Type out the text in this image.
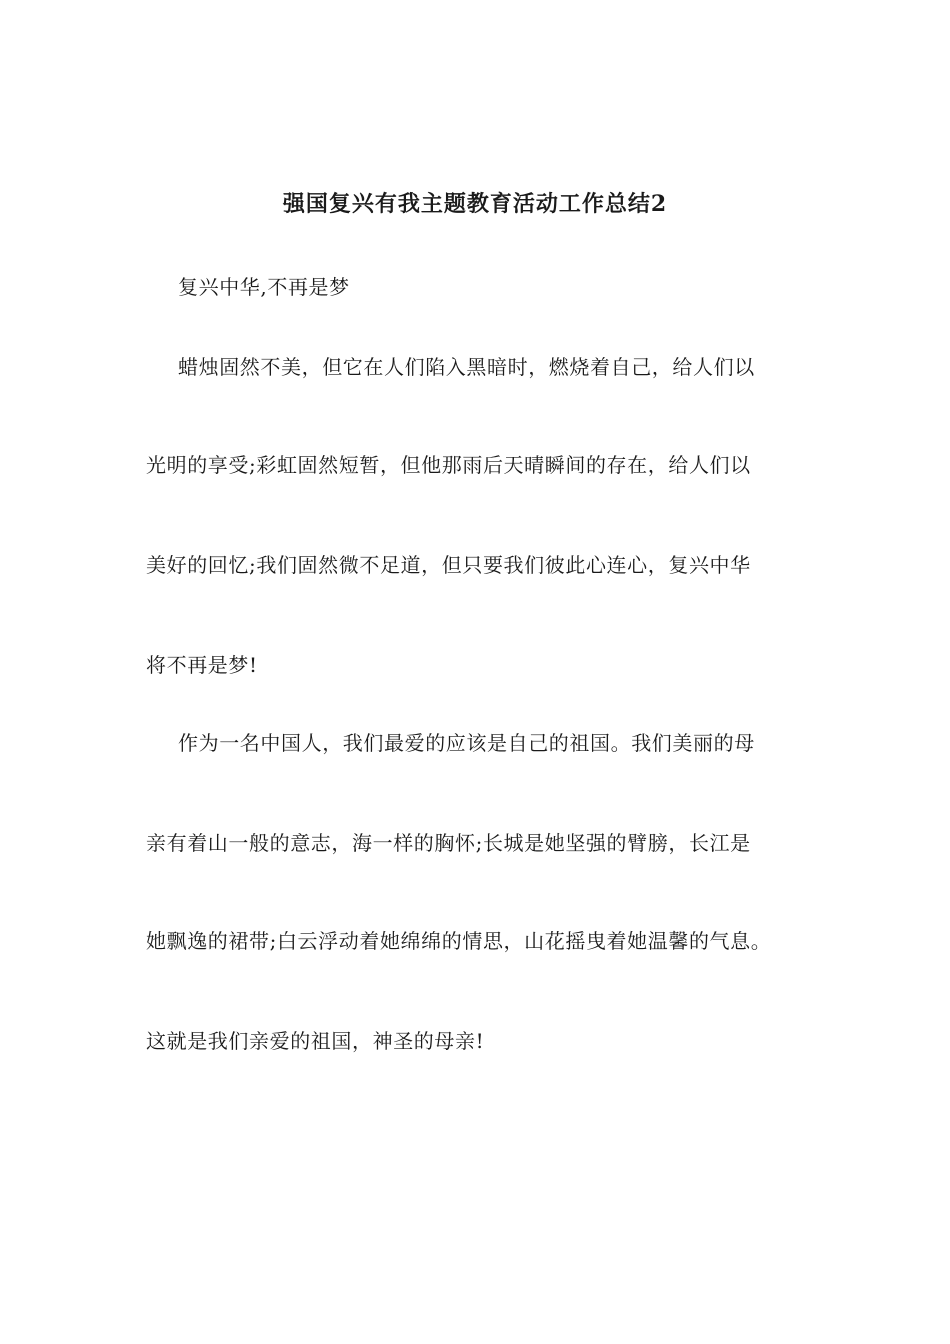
强国复兴有我主题教育活动工作总结2
复兴中华,不再是梦
蜡烛固然不美，但它在人们陷入黑暗时，燃烧着自己，给人们以
光明的享受;彩虹固然短暂，但他那雨后天晴瞬间的存在，给人们以
美好的回忆;我们固然微不足道，但只要我们彼此心连心，复兴中华
将不再是梦!
作为一名中国人，我们最爱的应该是自己的祖国。我们美丽的母
亲有着山一般的意志，海一样的胸怀;长城是她坚强的臂膀，长江是
她飘逸的裙带;白云浮动着她绵绵的情思，山花摇曳着她温馨的气息。
这就是我们亲爱的祖国，神圣的母亲!
